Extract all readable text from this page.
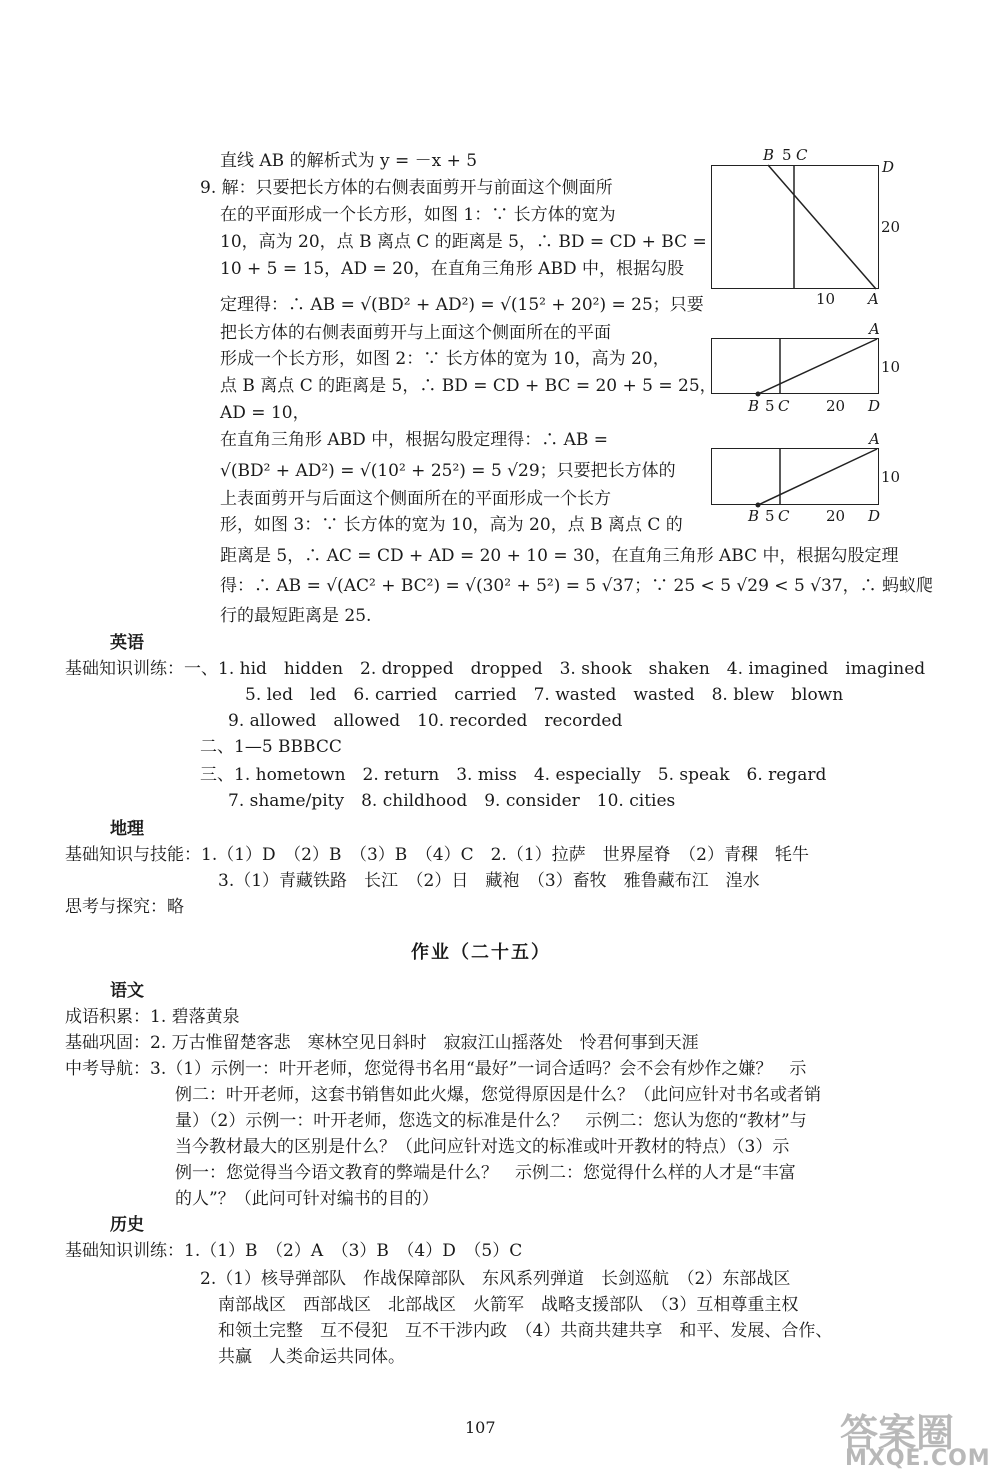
直线 AB 的解析式为 y = －x + 5
9. 解：只要把长方体的右侧表面剪开与前面这个侧面所
在的平面形成一个长方形，如图 1：∵ 长方体的宽为
10，高为 20，点 B 离点 C 的距离是 5，∴ BD = CD + BC =
10 + 5 = 15，AD = 20，在直角三角形 ABD 中，根据勾股
定理得：∴ AB = √(BD² + AD²) = √(15² + 20²) = 25；只要
把长方体的右侧表面剪开与上面这个侧面所在的平面
形成一个长方形，如图 2：∵ 长方体的宽为 10，高为 20，
点 B 离点 C 的距离是 5，∴ BD = CD + BC = 20 + 5 = 25，
AD = 10，
在直角三角形 ABD 中，根据勾股定理得：∴ AB =
√(BD² + AD²) = √(10² + 25²) = 5 √29；只要把长方体的
上表面剪开与后面这个侧面所在的平面形成一个长方
形，如图 3：∵ 长方体的宽为 10，高为 20，点 B 离点 C 的
距离是 5，∴ AC = CD + AD = 20 + 10 = 30，在直角三角形 ABC 中，根据勾股定理
得：∴ AB = √(AC² + BC²) = √(30² + 5²) = 5 √37；∵ 25 < 5 √29 < 5 √37，∴ 蚂蚁爬
行的最短距离是 25.
B 5 C
D
20
10 A
A
10
B 5 C 20 D
A
10
B 5 C 20 D
英语
基础知识训练：一、1. hid　hidden　2. dropped　dropped　3. shook　shaken　4. imagined　imagined
5. led　led　6. carried　carried　7. wasted　wasted　8. blew　blown
9. allowed　allowed　10. recorded　recorded
二、1—5 BBBCC
三、1. hometown　2. return　3. miss　4. especially　5. speak　6. regard
7. shame/pity　8. childhood　9. consider　10. cities
地理
基础知识与技能：1.（1）D　（2）B　（3）B　（4）C　2.（1）拉萨　世界屋脊　（2）青稞　牦牛
3.（1）青藏铁路　长江　（2）日　藏袍　（3）畜牧　雅鲁藏布江　湟水
思考与探究：略
作业（二十五）
语文
成语积累：1. 碧落黄泉
基础巩固：2. 万古惟留楚客悲　寒林空见日斜时　寂寂江山摇落处　怜君何事到天涯
中考导航：3.（1）示例一：叶开老师，您觉得书名用“最好”一词合适吗？会不会有炒作之嫌？　示
例二：叶开老师，这套书销售如此火爆，您觉得原因是什么？（此问应针对书名或者销
量）（2）示例一：叶开老师，您选文的标准是什么？　示例二：您认为您的“教材”与
当今教材最大的区别是什么？（此问应针对选文的标准或叶开教材的特点）（3）示
例一：您觉得当今语文教育的弊端是什么？　示例二：您觉得什么样的人才是“丰富
的人”？（此问可针对编书的目的）
历史
基础知识训练：1.（1）B　（2）A　（3）B　（4）D　（5）C
2.（1）核导弹部队　作战保障部队　东风系列弹道　长剑巡航　（2）东部战区
南部战区　西部战区　北部战区　火箭军　战略支援部队　（3）互相尊重主权
和领土完整　互不侵犯　互不干涉内政　（4）共商共建共享　和平、发展、合作、
共赢　人类命运共同体。
107	答案圈
MXQE.COM
